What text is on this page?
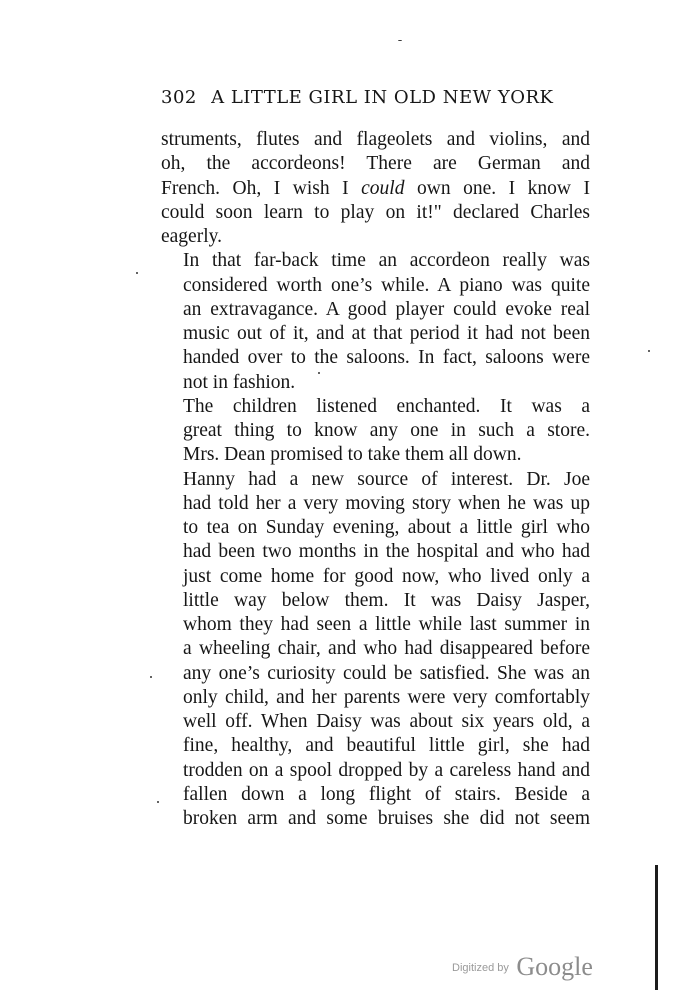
302 A LITTLE GIRL IN OLD NEW YORK

struments, flutes and flageolets and violins, and
oh, the accordeons! There are German and
French. Oh, I wish I could own one. I know I
could soon learn to play on it!" declared Charles
eagerly.

In that far-back time an accordeon really was
considered worth one’s while. A piano was quite
an extravagance. A good player could evoke real
music out of it, and at that period it had not been
handed over to the saloons. In fact, saloons were
not in fashion.

The children listened enchanted. It was a
great thing to know any one in such a store.
Mrs. Dean promised to take them all down.

Hanny had a new source of interest. Dr. Joe
had told her a very moving story when he was up
to tea on Sunday evening, about a little girl who
had been two months in the hospital and who had
just come home for good now, who lived only a
little way below them. It was Daisy Jasper,
whom they had seen a little while last summer in
a wheeling chair, and who had disappeared before
any one’s curiosity could be satisfied. She was an
only child, and her parents were very comfortably
well off. When Daisy was about six years old, a
fine, healthy, and beautiful little girl, she had
trodden on a spool dropped by a careless hand and
fallen down a long flight of stairs. Beside a
broken arm and some bruises she did not seem

$^{Digitized by}$ Google
